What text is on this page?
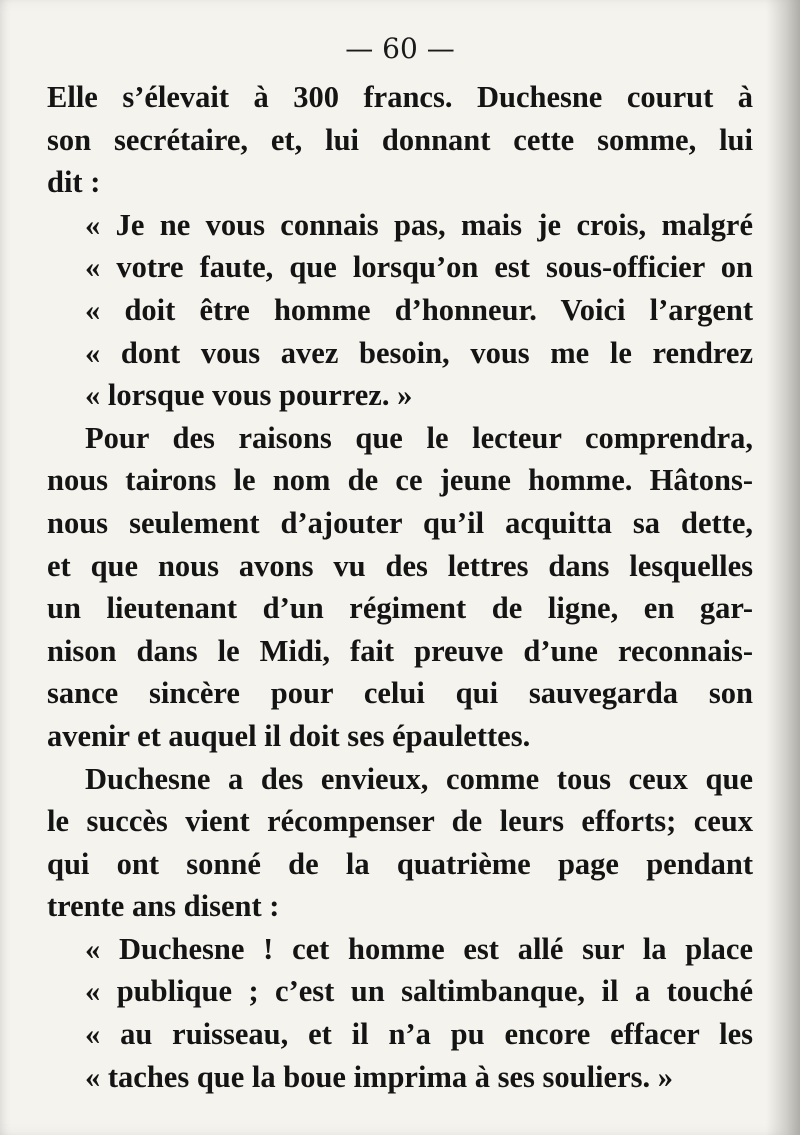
— 60 —
Elle s’élevait à 300 francs. Duchesne courut à
son secrétaire, et, lui donnant cette somme, lui
dit :
« Je ne vous connais pas, mais je crois, malgré
« votre faute, que lorsqu’on est sous-officier on
« doit être homme d’honneur. Voici l’argent
« dont vous avez besoin, vous me le rendrez
« lorsque vous pourrez. »
Pour des raisons que le lecteur comprendra,
nous tairons le nom de ce jeune homme. Hâtons-
nous seulement d’ajouter qu’il acquitta sa dette,
et que nous avons vu des lettres dans lesquelles
un lieutenant d’un régiment de ligne, en gar-
nison dans le Midi, fait preuve d’une reconnais-
sance sincère pour celui qui sauvegarda son
avenir et auquel il doit ses épaulettes.
Duchesne a des envieux, comme tous ceux que
le succès vient récompenser de leurs efforts; ceux
qui ont sonné de la quatrième page pendant
trente ans disent :
« Duchesne ! cet homme est allé sur la place
« publique ; c’est un saltimbanque, il a touché
« au ruisseau, et il n’a pu encore effacer les
« taches que la boue imprima à ses souliers. »
